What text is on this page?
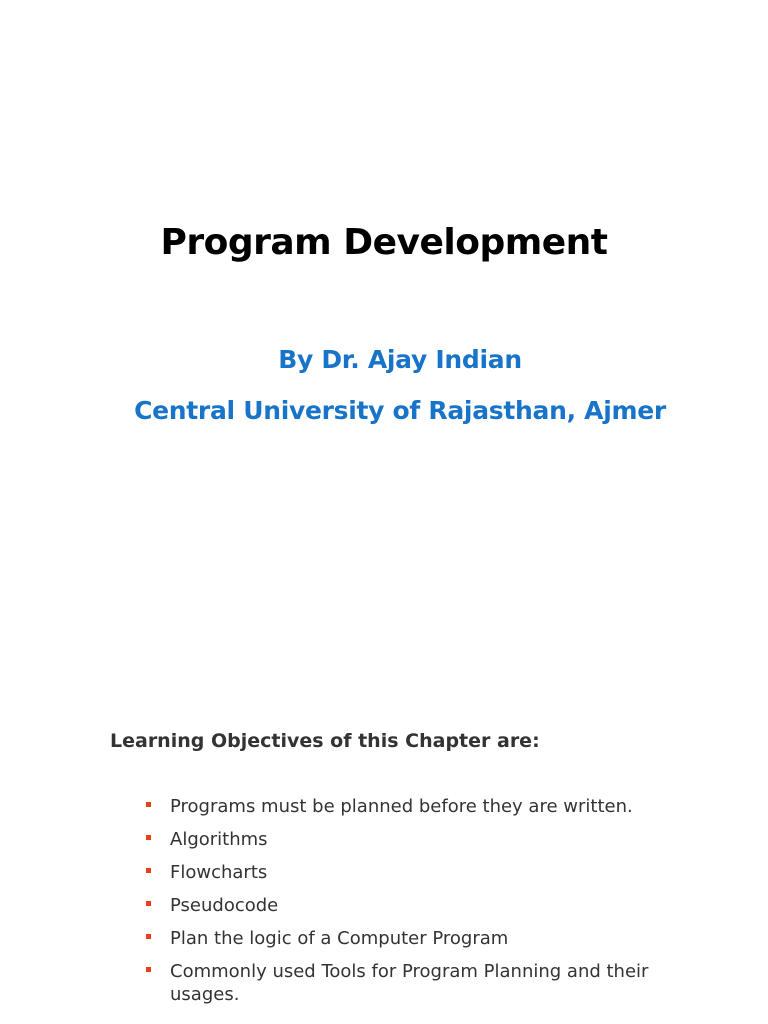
Program Development

By Dr. Ajay Indian

Central University of Rajasthan, Ajmer

Learning Objectives of this Chapter are:
Programs must be planned before they are written.
Algorithms
Flowcharts
Pseudocode
Plan the logic of a Computer Program
Commonly used Tools for Program Planning and their usages.
